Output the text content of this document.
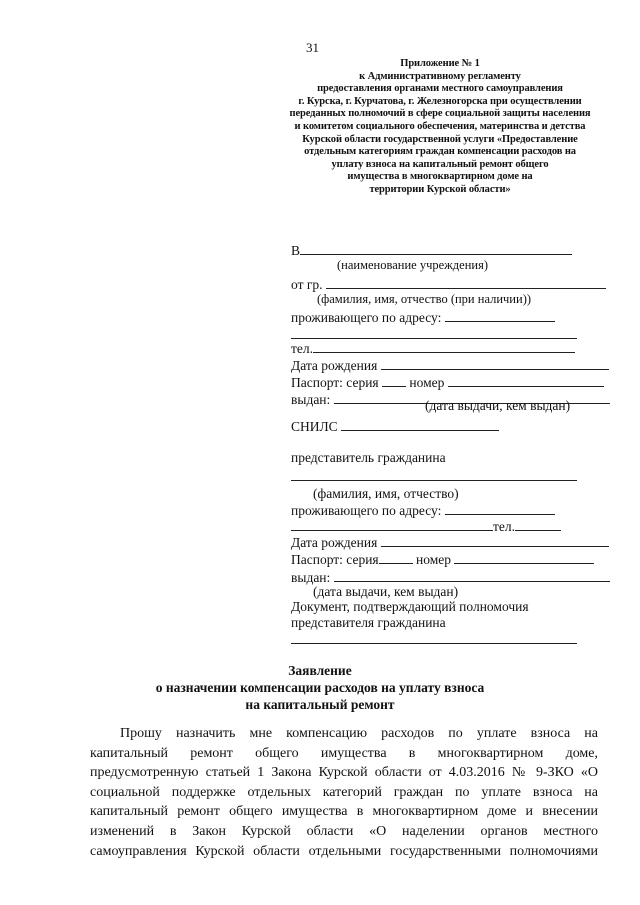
31
Приложение № 1
к Административному регламенту
предоставления органами местного самоуправления
г. Курска, г. Курчатова, г. Железногорска при осуществлении
переданных полномочий в сфере социальной защиты населения
и комитетом социального обеспечения, материнства и детства
Курской области государственной услуги «Предоставление
отдельным категориям граждан компенсации расходов на
уплату взноса на капитальный ремонт общего
имущества в многоквартирном доме на
территории Курской области»
В
(наименование учреждения)
от гр.
(фамилия, имя, отчество (при наличии))
проживающего по адресу:
тел.
Дата рождения
Паспорт: серия номер
выдан:	(дата выдачи, кем выдан)
СНИЛС
представитель гражданина
(фамилия, имя, отчество)
проживающего по адресу:
тел.
Дата рождения
Паспорт: серия	номер
выдан:
(дата выдачи, кем выдан)
Документ, подтверждающий полномочия
представителя гражданина
Заявление
о назначении компенсации расходов на уплату взноса
на капитальный ремонт
Прошу назначить мне компенсацию расходов по уплате взноса на
капитальный ремонт общего имущества в многоквартирном доме,
предусмотренную статьей 1 Закона Курской области от 4.03.2016 № 9-ЗКО «О
социальной поддержке отдельных категорий граждан по уплате взноса на
капитальный ремонт общего имущества в многоквартирном доме и внесении
изменений в Закон Курской области «О наделении органов местного
самоуправления Курской области отдельными государственными полномочиями
